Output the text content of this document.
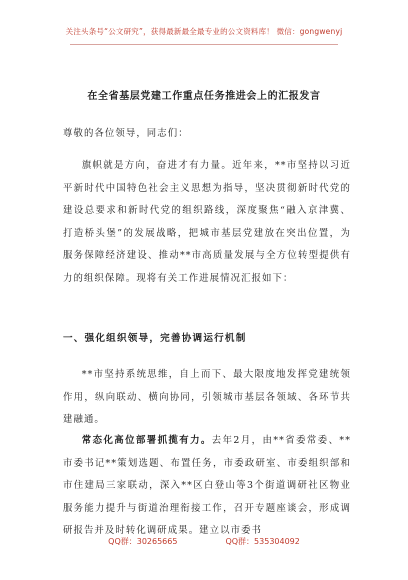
关注头条号“公文研究”，获得最新最全最专业的公文资料库！ 微信：gongwenyj
在全省基层党建工作重点任务推进会上的汇报发言

尊敬的各位领导，同志们：

旗帜就是方向，奋进才有力量。近年来，**市坚持以习近平新时代中国特色社会主义思想为指导，坚决贯彻新时代党的建设总要求和新时代党的组织路线，深度聚焦“融入京津冀、打造桥头堡”的发展战略，把城市基层党建放在突出位置，为服务保障经济建设、推动**市高质量发展与全方位转型提供有力的组织保障。现将有关工作进展情况汇报如下：

一、强化组织领导，完善协调运行机制

**市坚持系统思维，自上而下、最大限度地发挥党建统领作用，纵向联动、横向协同，引领城市基层各领域、各环节共建融通。

常态化高位部署抓揽有力。去年2月，由**省委常委、**市委书记**策划选题、布置任务，市委政研室、市委组织部和市住建局三家联动，深入**区白登山等3个街道调研社区物业服务能力提升与街道治理衔接工作，召开专题座谈会，形成调研报告并及时转化调研成果。建立以市委书

QQ群：30265665	QQ群：535304092
